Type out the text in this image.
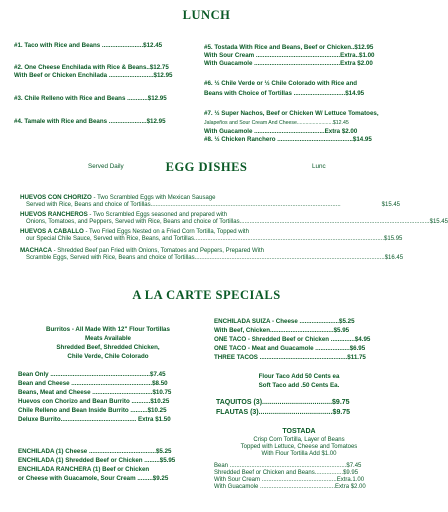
LUNCH
#1. Taco with Rice and Beans ........................$12.45
#2. One Cheese Enchilada with Rice & Beans..$12.75
With Beef or Chicken Enchilada ..........................$12.95
#3. Chile Relleno with Rice and Beans ............$12.95
#4. Tamale with Rice and Beans ......................$12.95
#5. Tostada With Rice and Beans, Beef or Chicken..$12.95
With Sour Cream .................................................Extra..$1.00
With Guacamole ..................................................Extra $2.00
#6. ½ Chile Verde or ½ Chile Colorado with Rice and
Beans with Choice of Tortillas ..............................$14.95
#7. ½ Super Nachos, Beef or Chicken W/ Lettuce Tomatoes,
Jalapeños and Sour Cream And Cheese.........................$12.45
With Guacamole .........................................Extra $2.00
#8. ½ Chicken Ranchero ............................................$14.95
Served Daily	EGG DISHES	Lunc
HUEVOS CON CHORIZO - Two Scrambled Eggs with Mexican Sausage
Served with Rice, Beans and choice of Tortillas ..................................................................................................................	$15.45
HUEVOS RANCHEROS - Two Scrambled Eggs seasoned and prepared with
Onions, Tomatoes, and Peppers, Served with Rice, Beans and choice of Tortillas .................................................................................................................. $15.45
HUEVOS A CABALLO - Two Fried Eggs Nested on a Fried Corn Tortilla, Topped with
our Special Chile Sauce, Served with Rice, Beans, and Tortillas .................................................................................................................. $15.95
MACHACA - Shredded Beef pan Fried with Onions, Tomatoes and Peppers, Prepared With
Scramble Eggs, Served with Rice, Beans and choice of Tortillas .................................................................................................................. $16.45
A LA CARTE SPECIALS
Burritos - All Made With 12" Flour Tortillas
Meats Available
Shredded Beef, Shredded Chicken,
Chile Verde, Chile Colorado
Bean Only ..........................................................$7.45
Bean and Cheese ...............................................$8.50
Beans, Meat and Cheese ...................................$10.75
Huevos con Chorizo and Bean Burrito ...........$10.25
Chile Relleno and Bean Inside Burrito ..........$10.25
Deluxe Burrito............................................ Extra $1.50
ENCHILADA (1) Cheese .......................................$5.25
ENCHILADA (1) Shredded Beef or Chicken .........$5.95
ENCHILADA RANCHERA (1) Beef or Chicken
or Cheese with Guacamole, Sour Cream .........$9.25
ENCHILADA SUIZA - Cheese .......................$5.25
With Beef, Chicken.....................................$5.95
ONE TACO - Shredded Beef or Chicken ..............$4.95
ONE TACO - Meat and Guacamole ....................$6.95
THREE TACOS ...................................................$11.75
Flour Taco Add 50 Cents ea
Soft Taco add .50 Cents Ea.
TAQUITOS (3)....................................$9.75
FLAUTAS (3)......................................$9.75
TOSTADA
Crisp Corn Tortilla, Layer of Beans
Topped with Lettuce, Cheese and Tomatoes
With Flour Tortilla Add $1.00
Bean ......................................................................$7.45
Shredded Beef or Chicken and Beans.................$9.95
With Sour Cream .............................................Extra.1.00
With Guacamole .............................................Extra $2.00
